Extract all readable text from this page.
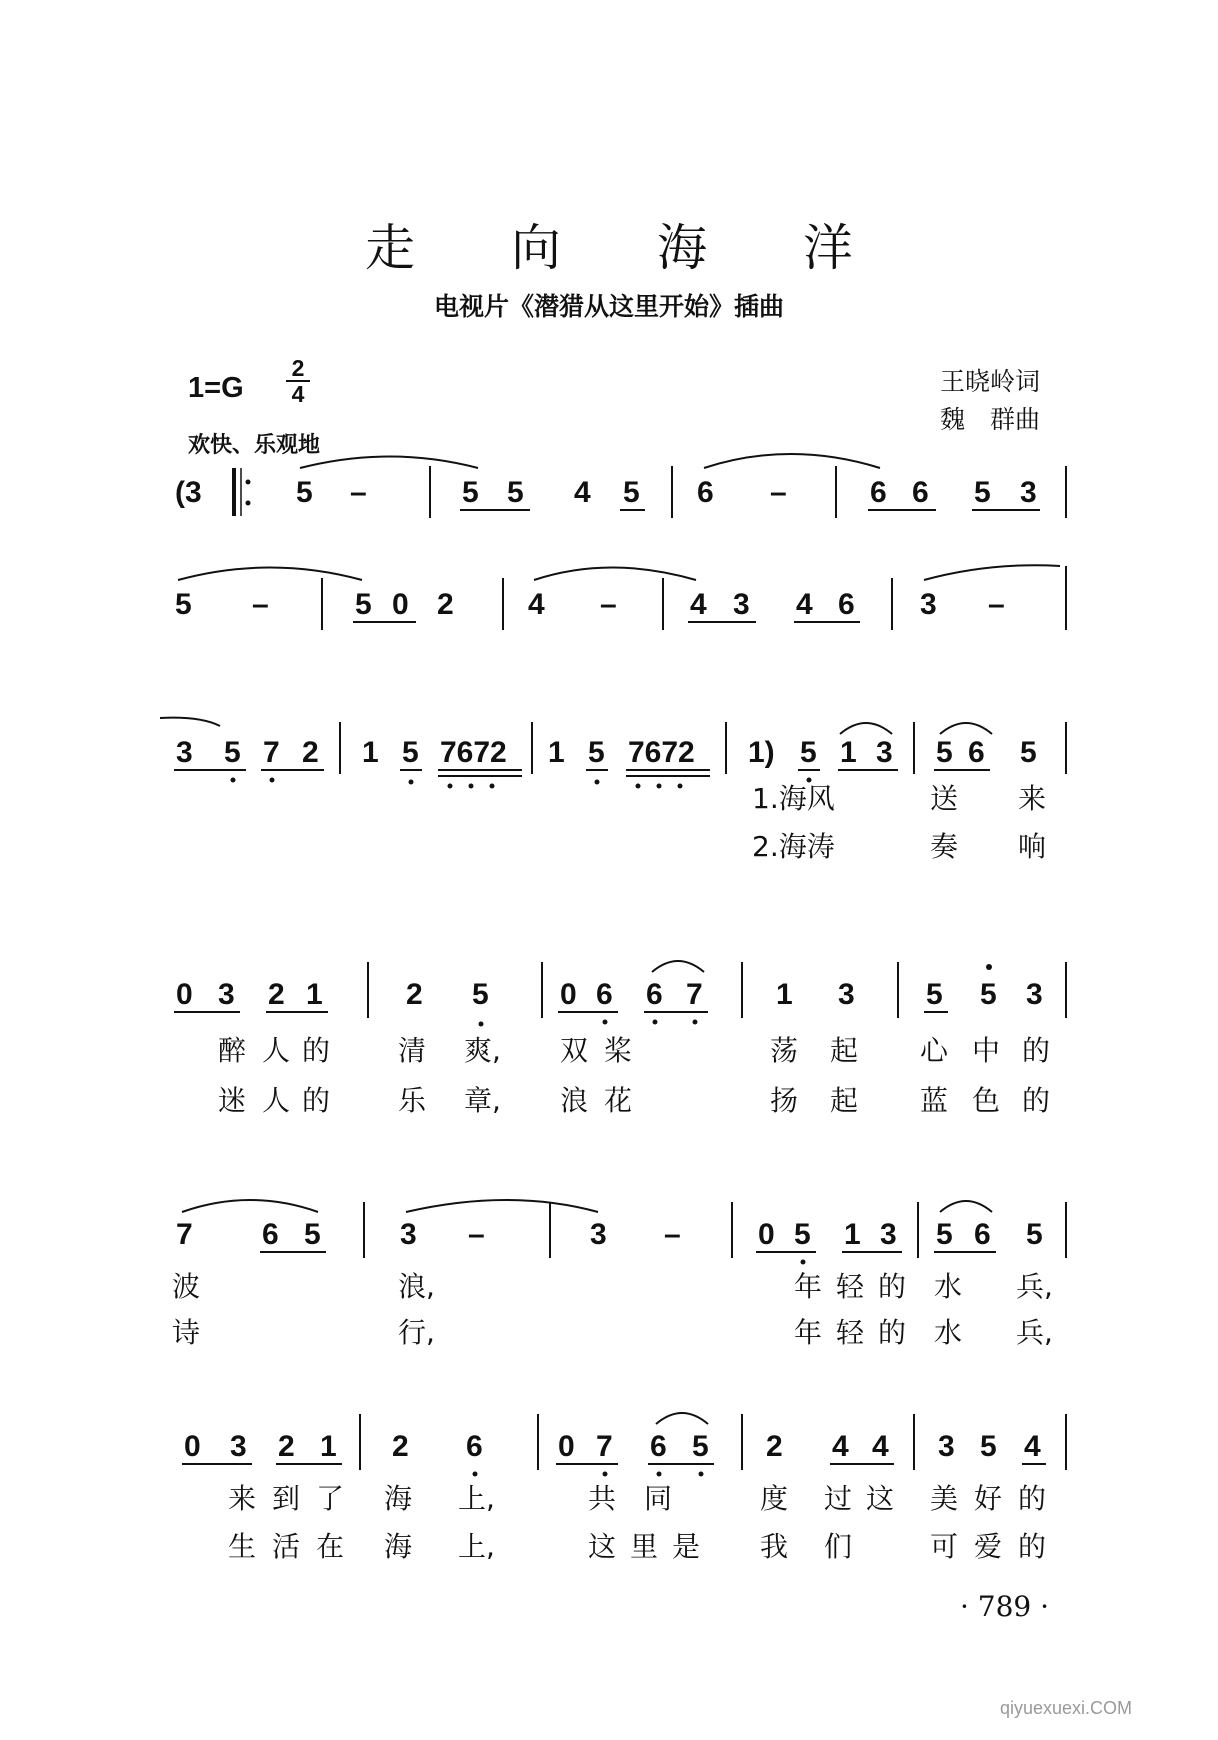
走 向 海 洋
电视片《潜猎从这里开始》插曲
1=G
2
4
欢快、乐观地
王晓岭词
魏　群曲
(3	5 –	5 5 4 5 6 –	6 6 5 3
5 –	5 0 2 4 – 4 3 4 6 3 –
3 5 7 2 1 5 7672 1 5 7672 1) 5 1 3 5 6 5
1.海风	送 来
2.海涛	奏 响
0 3 2 1	2 5 0 6 6 7 1 3 5 5 3
醉 人 的 清 爽, 双 桨	荡 起 心 中 的
迷 人 的 乐 章, 浪 花	扬 起 蓝 色 的
7 6 5	3 –	3 –	0 5 1 3 5 6 5
波	浪,	年 轻 的 水 兵,
诗	行,	年 轻 的 水 兵,
0 3 2 1 2 6	0 7 6 5 2 4 4 3 5 4
来 到 了 海 上,	共 同	度 过 这 美 好 的
生 活 在 海 上,	这 里 是 我 们	可 爱 的
· 789 ·
qiyuexuexi.COM
